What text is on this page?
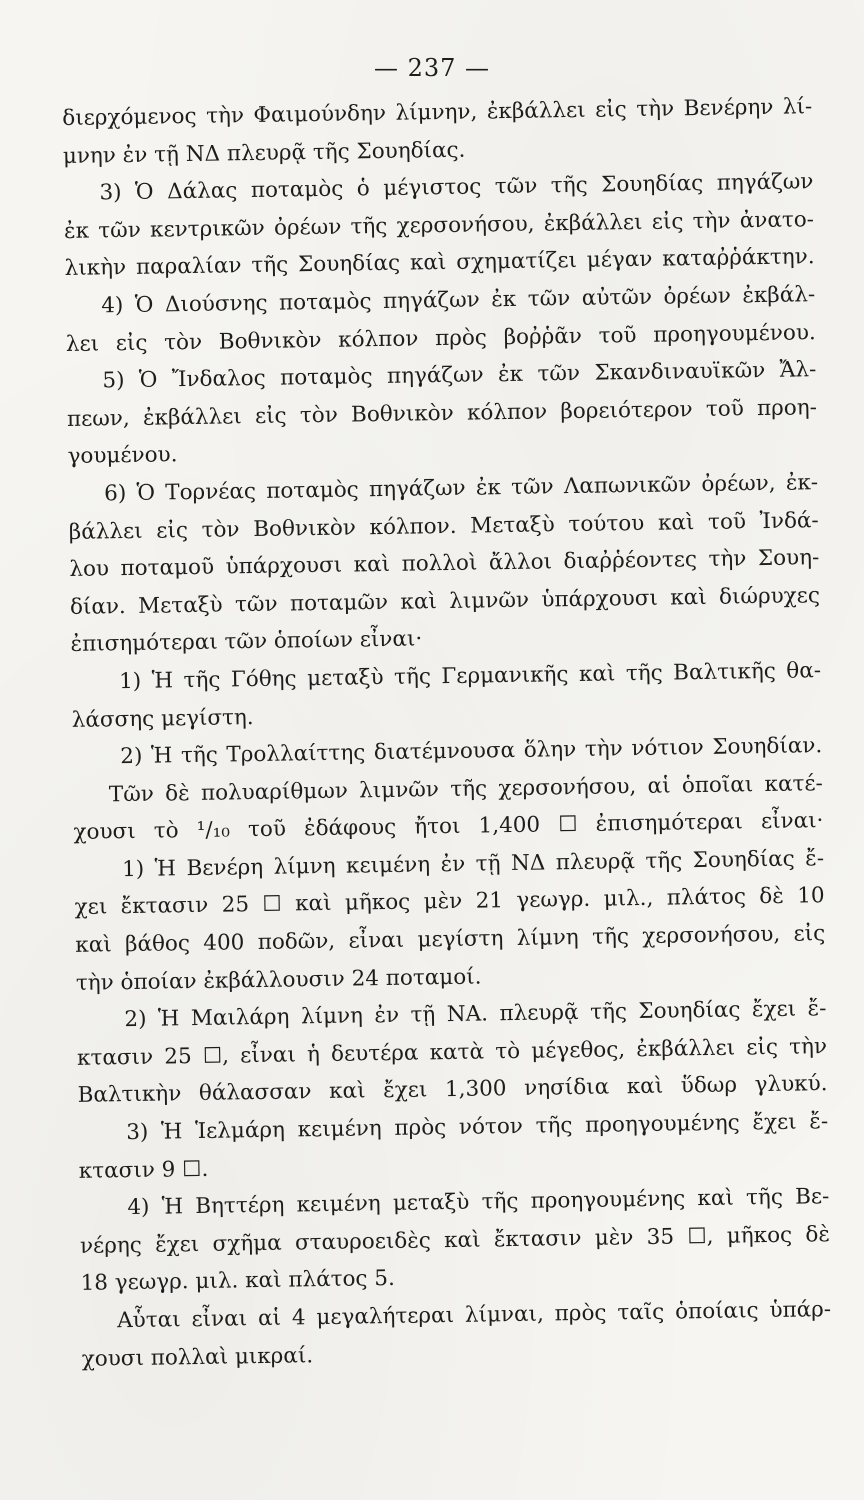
— 237 —
διερχόμενος τὴν Φαιμούνδην λίμνην, ἐκβάλλει εἰς τὴν Βενέρην λί-
μνην ἐν τῇ ΝΔ πλευρᾷ τῆς Σουηδίας.
3) Ὁ Δάλας ποταμὸς ὁ μέγιστος τῶν τῆς Σουηδίας πηγάζων
ἐκ τῶν κεντρικῶν ὀρέων τῆς χερσονήσου, ἐκβάλλει εἰς τὴν ἀνατο-
λικὴν παραλίαν τῆς Σουηδίας καὶ σχηματίζει μέγαν καταῤῥάκτην.
4) Ὁ Διούσνης ποταμὸς πηγάζων ἐκ τῶν αὐτῶν ὀρέων ἐκβάλ-
λει εἰς τὸν Βοθνικὸν κόλπον πρὸς βοῤῥᾶν τοῦ προηγουμένου.
5) Ὁ Ἴνδαλος ποταμὸς πηγάζων ἐκ τῶν Σκανδιναυϊκῶν Ἄλ-
πεων, ἐκβάλλει εἰς τὸν Βοθνικὸν κόλπον βορειότερον τοῦ προη-
γουμένου.
6) Ὁ Τορνέας ποταμὸς πηγάζων ἐκ τῶν Λαπωνικῶν ὀρέων, ἐκ-
βάλλει εἰς τὸν Βοθνικὸν κόλπον. Μεταξὺ τούτου καὶ τοῦ Ἰνδά-
λου ποταμοῦ ὑπάρχουσι καὶ πολλοὶ ἄλλοι διαῤῥέοντες τὴν Σουη-
δίαν. Μεταξὺ τῶν ποταμῶν καὶ λιμνῶν ὑπάρχουσι καὶ διώρυχες
ἐπισημότεραι τῶν ὁποίων εἶναι·
1) Ἡ τῆς Γόθης μεταξὺ τῆς Γερμανικῆς καὶ τῆς Βαλτικῆς θα-
λάσσης μεγίστη.
2) Ἡ τῆς Τρολλαίττης διατέμνουσα ὅλην τὴν νότιον Σουηδίαν.
Τῶν δὲ πολυαρίθμων λιμνῶν τῆς χερσονήσου, αἱ ὁποῖαι κατέ-
χουσι τὸ ¹/₁₀ τοῦ ἐδάφους ἤτοι 1,400 ☐ ἐπισημότεραι εἶναι·
1) Ἡ Βενέρη λίμνη κειμένη ἐν τῇ ΝΔ πλευρᾷ τῆς Σουηδίας ἔ-
χει ἔκτασιν 25 ☐ καὶ μῆκος μὲν 21 γεωγρ. μιλ., πλάτος δὲ 10
καὶ βάθος 400 ποδῶν, εἶναι μεγίστη λίμνη τῆς χερσονήσου, εἰς
τὴν ὁποίαν ἐκβάλλουσιν 24 ποταμοί.
2) Ἡ Μαιλάρη λίμνη ἐν τῇ ΝΑ. πλευρᾷ τῆς Σουηδίας ἔχει ἔ-
κτασιν 25 ☐, εἶναι ἡ δευτέρα κατὰ τὸ μέγεθος, ἐκβάλλει εἰς τὴν
Βαλτικὴν θάλασσαν καὶ ἔχει 1,300 νησίδια καὶ ὕδωρ γλυκύ.
3) Ἡ Ἱελμάρη κειμένη πρὸς νότον τῆς προηγουμένης ἔχει ἔ-
κτασιν 9 ☐.
4) Ἡ Βηττέρη κειμένη μεταξὺ τῆς προηγουμένης καὶ τῆς Βε-
νέρης ἔχει σχῆμα σταυροειδὲς καὶ ἔκτασιν μὲν 35 ☐, μῆκος δὲ
18 γεωγρ. μιλ. καὶ πλάτος 5.
Αὗται εἶναι αἱ 4 μεγαλήτεραι λίμναι, πρὸς ταῖς ὁποίαις ὑπάρ-
χουσι πολλαὶ μικραί.
